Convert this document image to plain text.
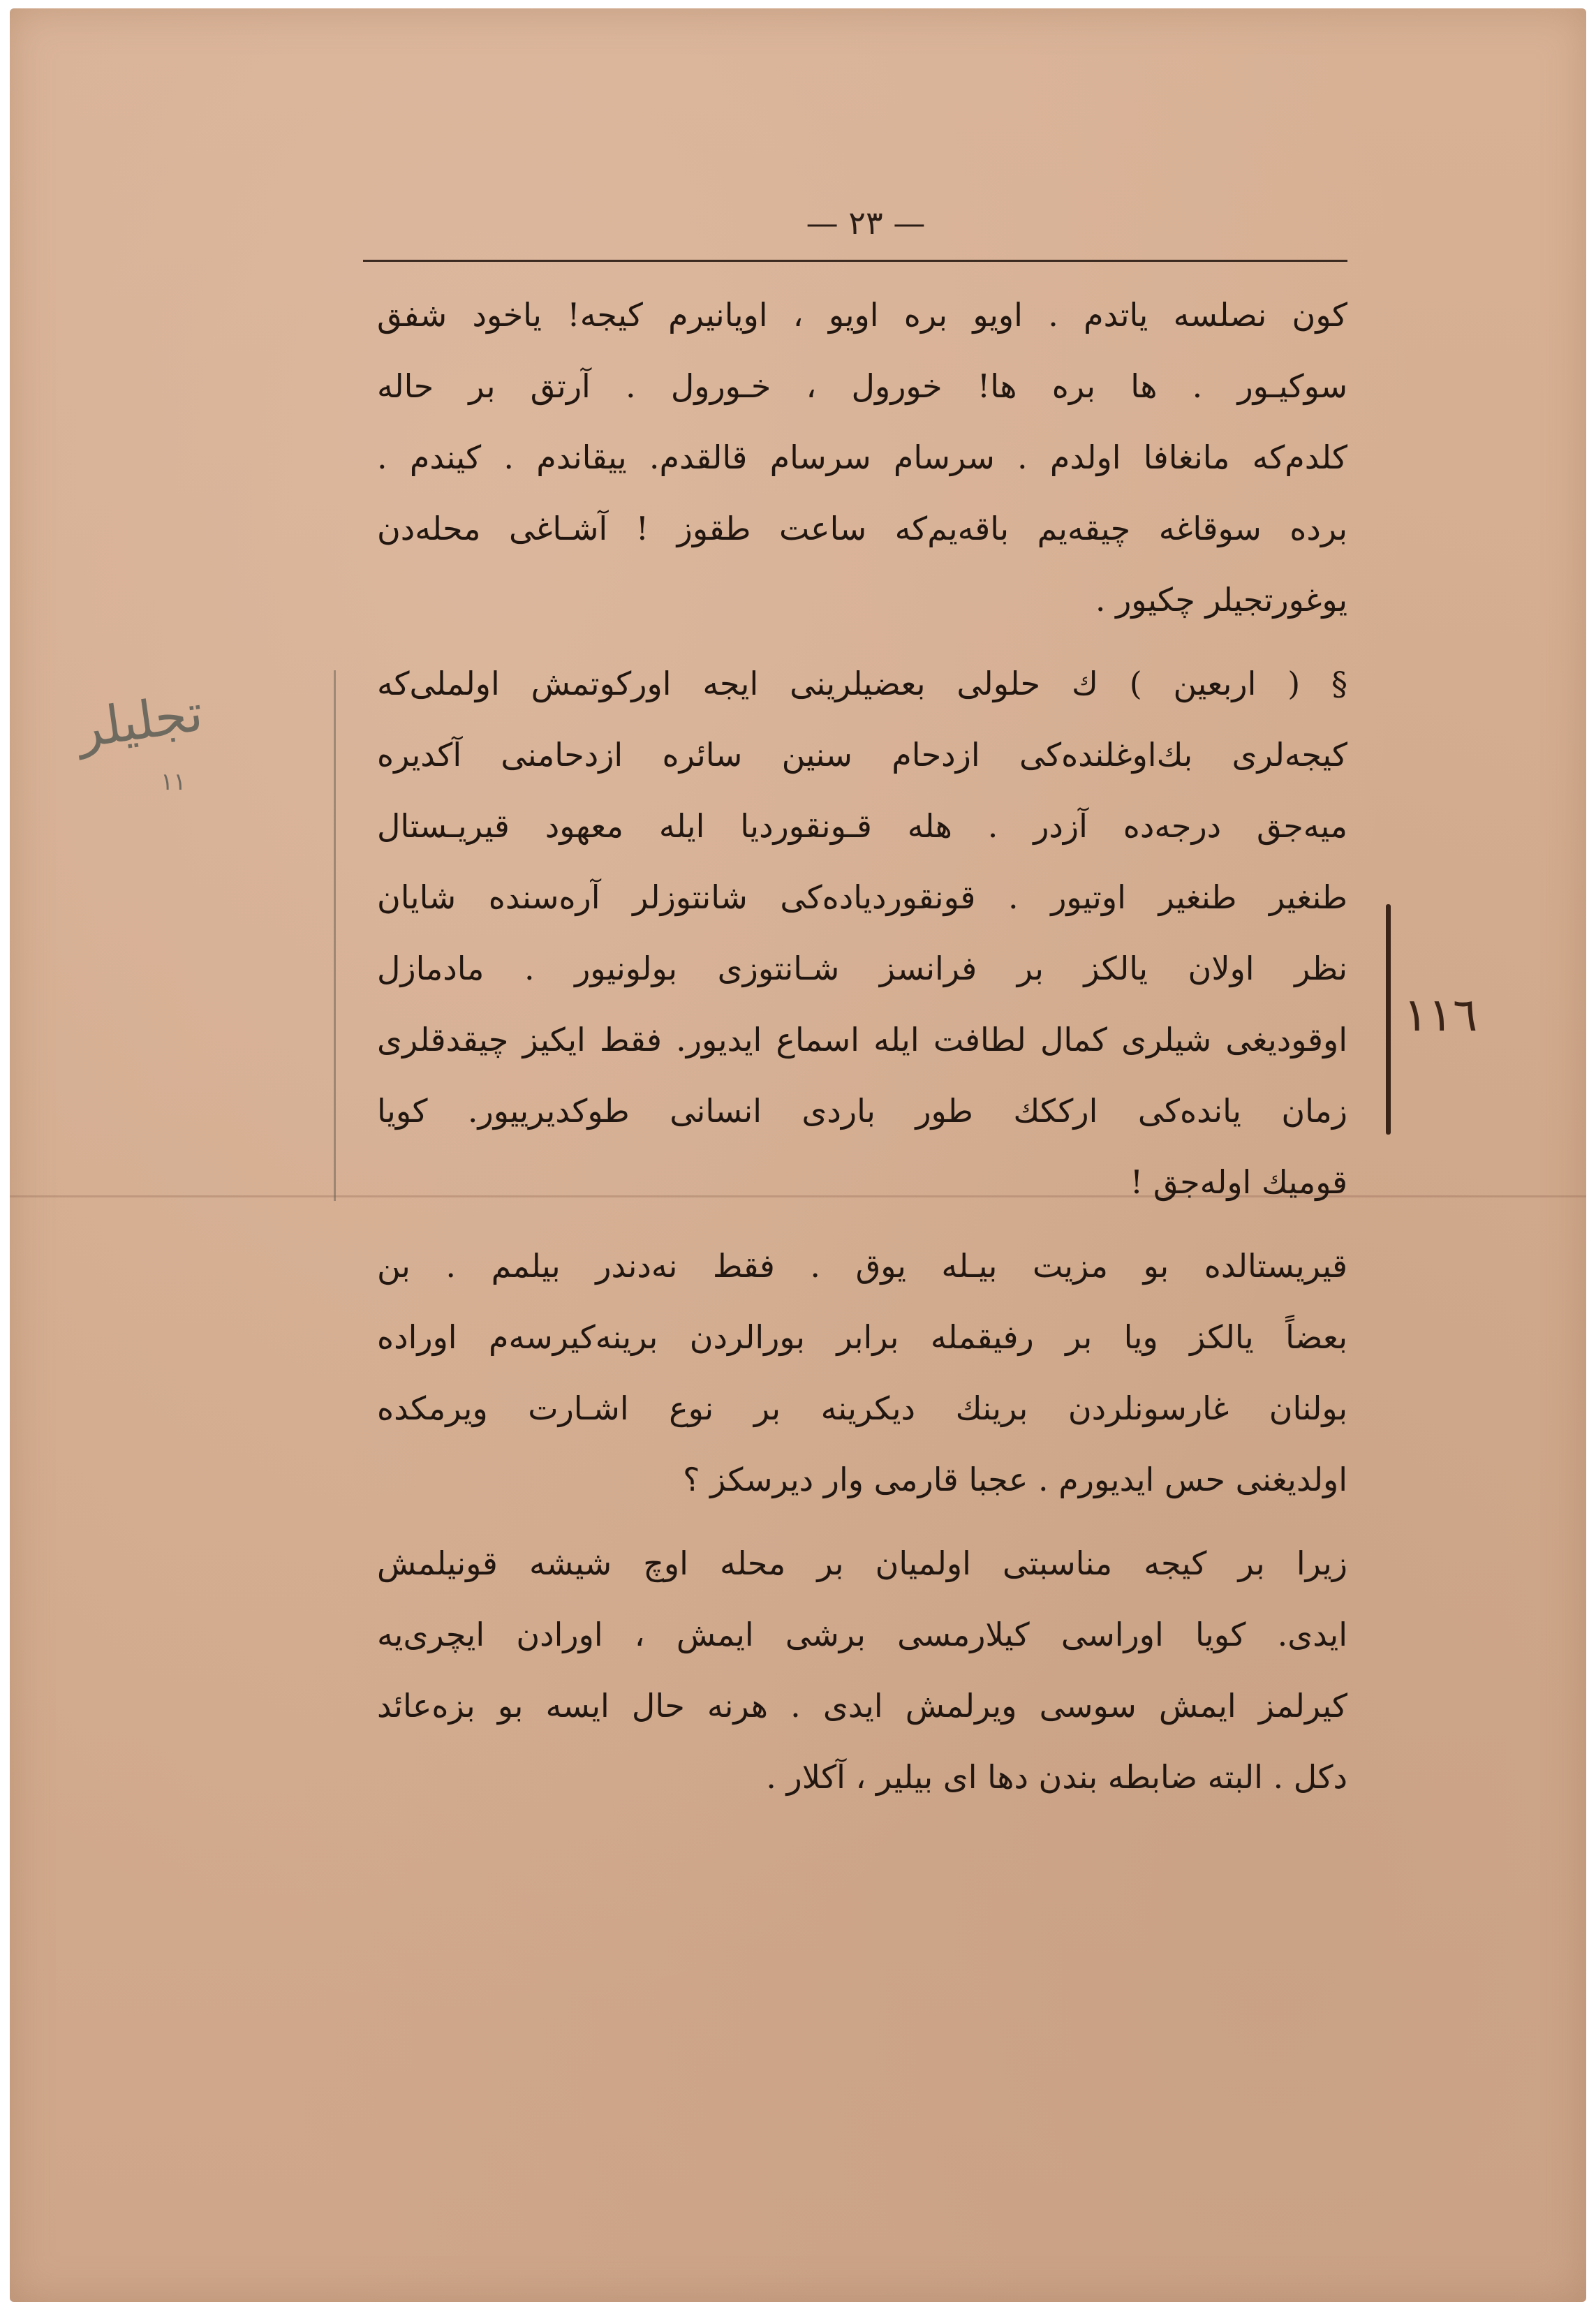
— ٢٣ —
تجلیلر
١١
١١٦
کون نصلسه یاتدم . اویو بره اویو ، اویانیرم کیجه! یاخود شفق
سوکیـور . ها بره ها! خورول ، خـورول . آرتق بر حاله
کلدم‌که مانغافا اولدم . سرسام سرسام قالقدم. ییقاندم . کیندم .
برده سوقاغه چیقه‌یم باقه‌یم‌که ساعت طقوز ! آشـاغی محله‌دن
یوغورتجیلر چکیور .
§ ( اربعین ) ك حلولی بعضیلرینی ایجه اورکوتمش اولملی‌که
کیجه‌لری بك‌اوغلنده‌کی ازدحام سنین سائره ازدحامنی آکدیره‌
میه‌جق درجه‌ده آزدر . هله قـونقوردیا ایله معهود قیریـستال
طنغیر طنغیر اوتیور . قونقوردیاده‌کی شانتوزلر آره‌سنده شایان
نظر اولان یالکز بر فرانسز شـانتوزی بولونیور . مادمازل
اوقودیغی شیلری کمال لطافت ایله اسماع ایدیور. فقط ایکیز چیقدقلری
زمان یانده‌کی ارککك طور باردی انسانی طوکدیرییور. کویا
قومیك اوله‌جق !
قیریستالده بو مزیت بیـله یوق . فقط نه‌دندر بیلمم . بن
بعضاً یالکز ویا بر رفیقمله برابر بورالردن برینه‌کیرسه‌م اوراده
بولنان غارسونلردن برینك دیکرینه بر نوع اشـارت ویرمکده
اولدیغنی حس ایدیورم . عجبا قارمی وار دیرسکز ؟
زیرا بر کیجه مناسبتی اولمیان بر محله اوچ شیشه قونیلمش
ایدی. کویا اوراسی کیلارمسی برشی ایمش ، اورادن ایچری‌یه
کیرلمز ایمش سوسی ویرلمش ایدی . هرنه حال ایسه بو بزه‌عائد
دکل . البته ضابطه بندن دها ای بیلیر ، آکلار .
